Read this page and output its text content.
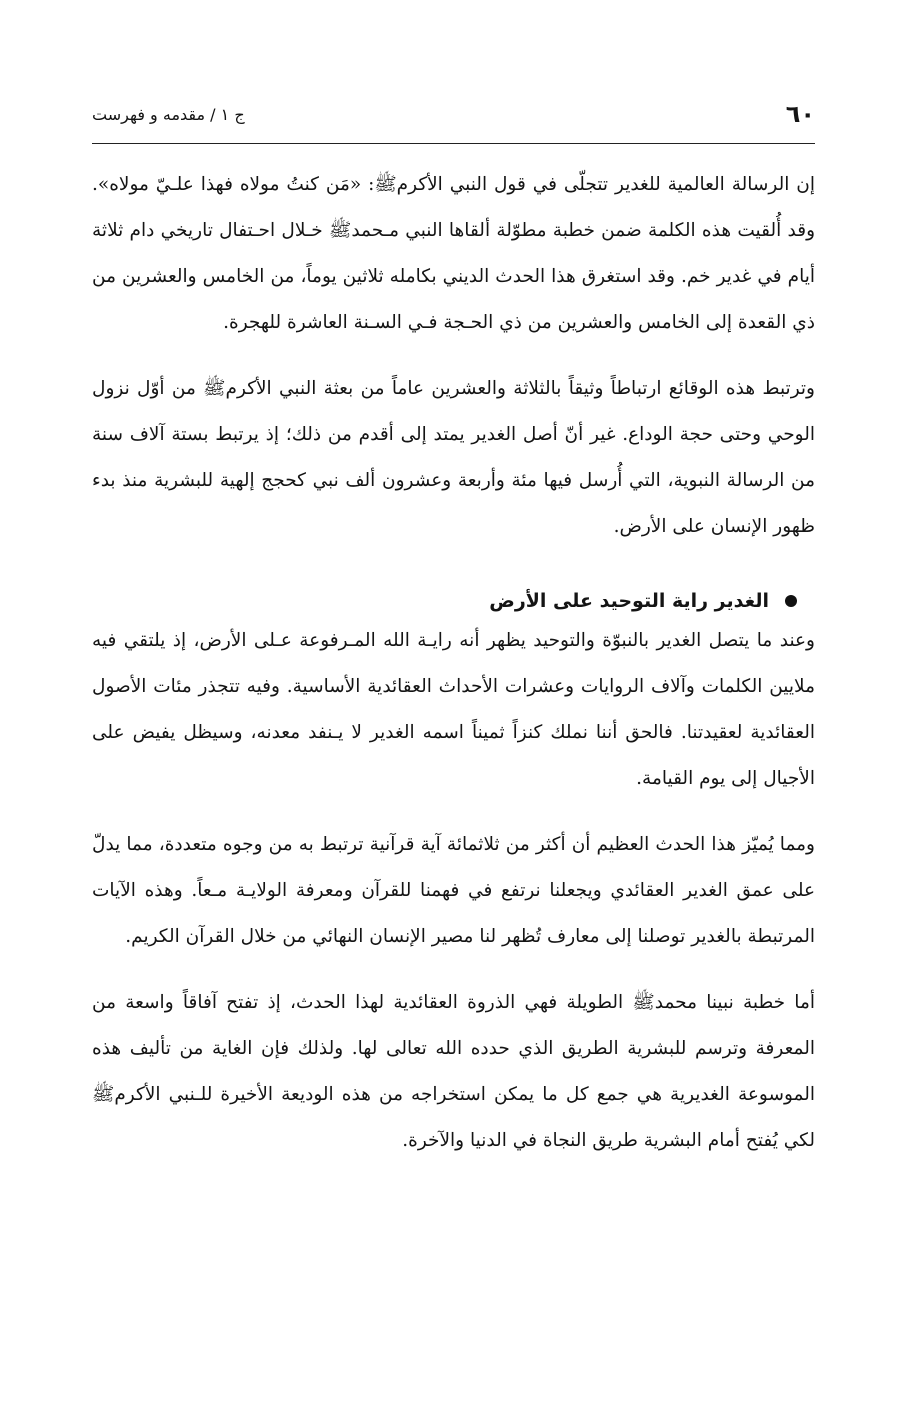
٦٠
ج ١ / مقدمه و فهرست

إن الرسالة العالمية للغدير تتجلّى في قول النبي الأكرمﷺ: «مَن كنتُ مولاه فهذا علـيّ مولاه». وقد أُلقيت هذه الكلمة ضمن خطبة مطوّلة ألقاها النبي مـحمدﷺ خـلال احـتفال تاريخي دام ثلاثة أيام في غدير خم. وقد استغرق هذا الحدث الديني بكامله ثلاثين يوماً، من الخامس والعشرين من ذي القعدة إلى الخامس والعشرين من ذي الحـجة فـي السـنة العاشرة للهجرة.

وترتبط هذه الوقائع ارتباطاً وثيقاً بالثلاثة والعشرين عاماً من بعثة النبي الأكرمﷺ من أوّل نزول الوحي وحتى حجة الوداع. غير أنّ أصل الغدير يمتد إلى أقدم من ذلك؛ إذ يرتبط بستة آلاف سنة من الرسالة النبوية، التي أُرسل فيها مئة وأربعة وعشرون ألف نبي كحجج إلهية للبشرية منذ بدء ظهور الإنسان على الأرض.

الغدير راية التوحيد على الأرض

وعند ما يتصل الغدير بالنبوّة والتوحيد يظهر أنه رايـة الله المـرفوعة عـلى الأرض، إذ يلتقي فيه ملايين الكلمات وآلاف الروايات وعشرات الأحداث العقائدية الأساسية. وفيه تتجذر مئات الأصول العقائدية لعقيدتنا. فالحق أننا نملك كنزاً ثميناً اسمه الغدير لا يـنفد معدنه، وسيظل يفيض على الأجيال إلى يوم القيامة.

ومما يُميّز هذا الحدث العظيم أن أكثر من ثلاثمائة آية قرآنية ترتبط به من وجوه متعددة، مما يدلّ على عمق الغدير العقائدي ويجعلنا نرتفع في فهمنا للقرآن ومعرفة الولايـة مـعاً. وهذه الآيات المرتبطة بالغدير توصلنا إلى معارف تُظهر لنا مصير الإنسان النهائي من خلال القرآن الكريم.

أما خطبة نبينا محمدﷺ الطويلة فهي الذروة العقائدية لهذا الحدث، إذ تفتح آفاقاً واسعة من المعرفة وترسم للبشرية الطريق الذي حدده الله تعالى لها. ولذلك فإن الغاية من تأليف هذه الموسوعة الغديرية هي جمع كل ما يمكن استخراجه من هذه الوديعة الأخيرة للـنبي الأكرمﷺ لكي يُفتح أمام البشرية طريق النجاة في الدنيا والآخرة.
